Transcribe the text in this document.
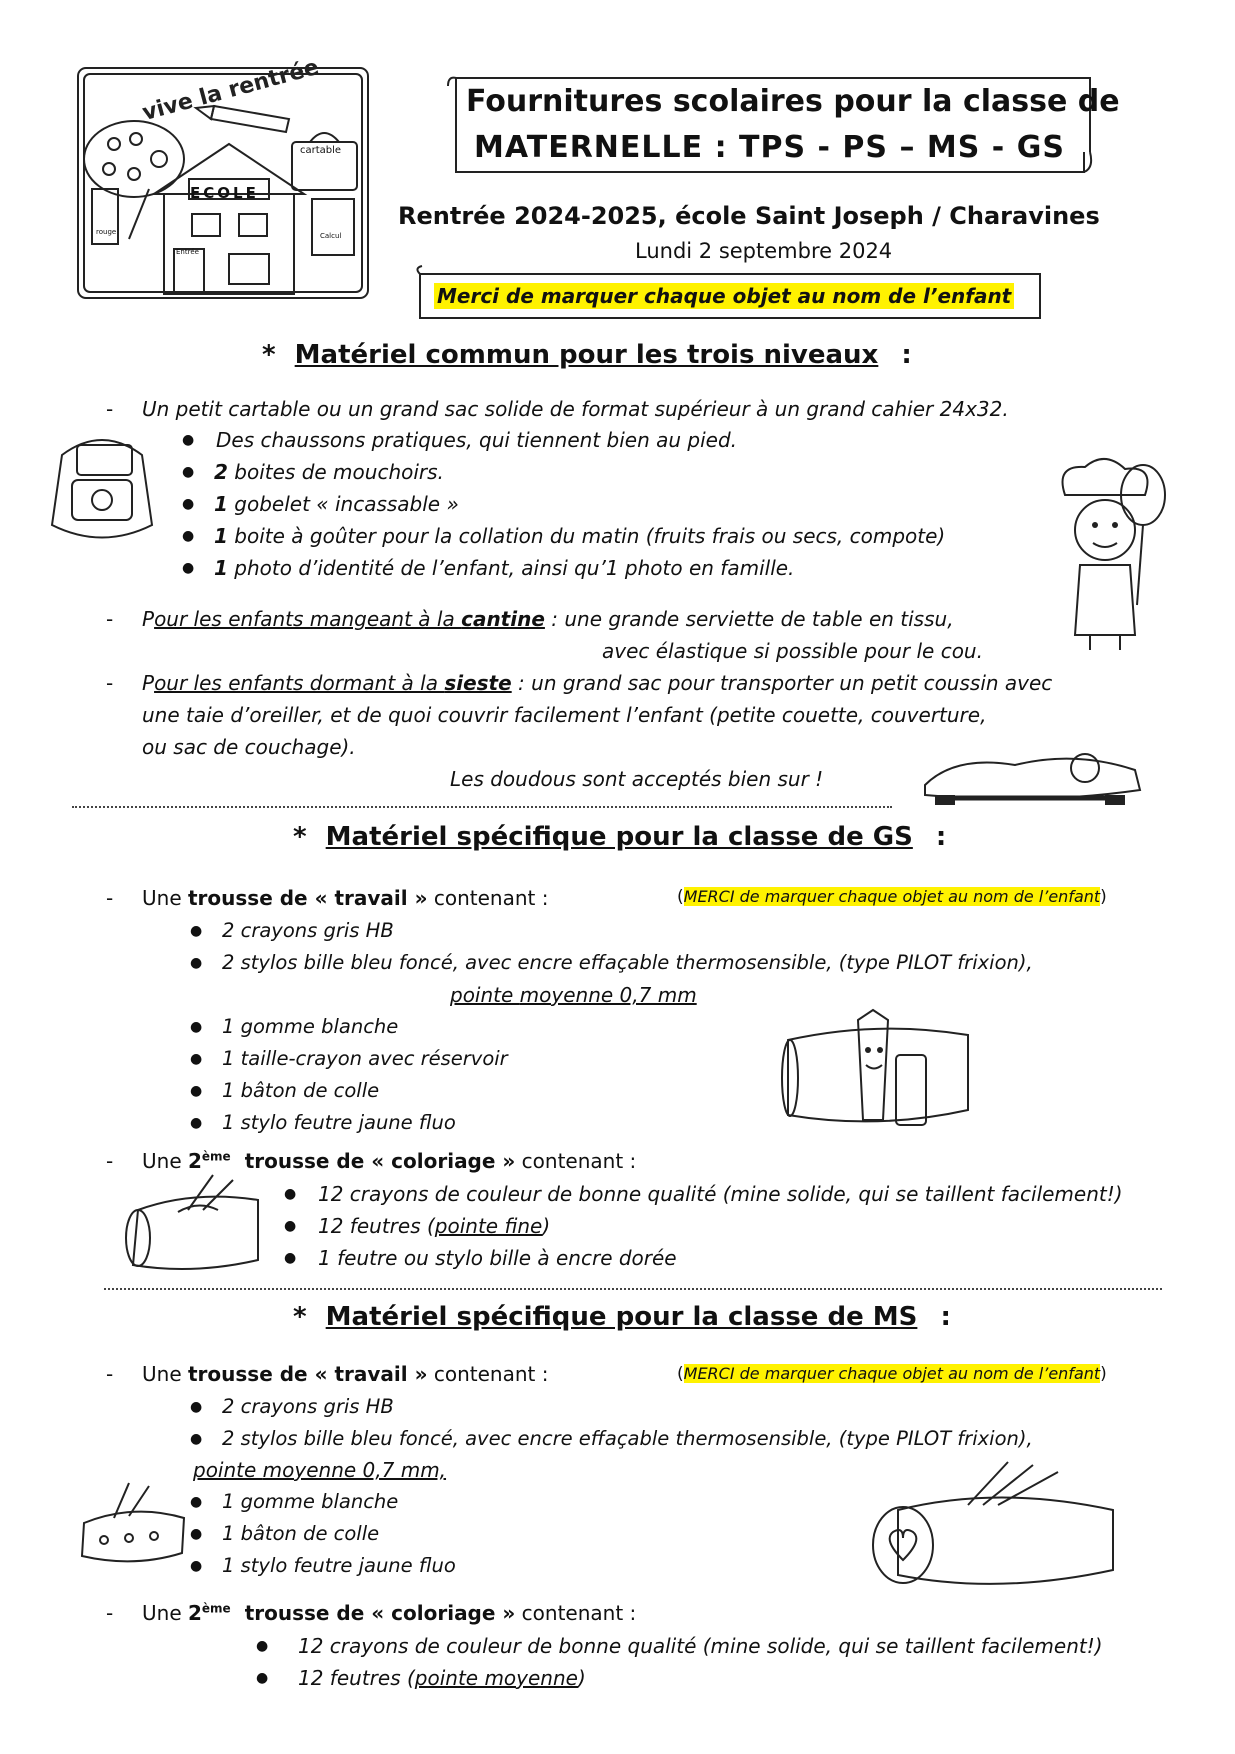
vive la rentrée
ECOLE
cartable
Entrée
Calcul
rouge
Fournitures scolaires pour la classe de
MATERNELLE : TPS - PS – MS - GS
Rentrée 2024-2025, école Saint Joseph / Charavines
Lundi 2 septembre 2024
Merci de marquer chaque objet au nom de l’enfant
* Matériel commun pour les trois niveaux :
- Un petit cartable ou un grand sac solide de format supérieur à un grand cahier 24x32.
● Des chaussons pratiques, qui tiennent bien au pied.
● 2 boites de mouchoirs.
● 1 gobelet « incassable »
● 1 boite à goûter pour la collation du matin (fruits frais ou secs, compote)
● 1 photo d’identité de l’enfant, ainsi qu’1 photo en famille.
- Pour les enfants mangeant à la cantine : une grande serviette de table en tissu,
avec élastique si possible pour le cou.
- Pour les enfants dormant à la sieste : un grand sac pour transporter un petit coussin avec
une taie d’oreiller, et de quoi couvrir facilement l’enfant (petite couette, couverture,
ou sac de couchage).
Les doudous sont acceptés bien sur !
* Matériel spécifique pour la classe de GS :
- Une trousse de « travail » contenant :	(MERCI de marquer chaque objet au nom de l’enfant)
● 2 crayons gris HB
● 2 stylos bille bleu foncé, avec encre effaçable thermosensible, (type PILOT frixion),
● 1 gomme blanche
● 1 taille-crayon avec réservoir
● 1 bâton de colle
● 1 stylo feutre jaune fluo
pointe moyenne 0,7 mm
- Une 2ème trousse de « coloriage » contenant :
● 12 crayons de couleur de bonne qualité (mine solide, qui se taillent facilement!)
● 12 feutres (pointe fine)
● 1 feutre ou stylo bille à encre dorée
* Matériel spécifique pour la classe de MS :
- Une trousse de « travail » contenant :	(MERCI de marquer chaque objet au nom de l’enfant)
● 2 crayons gris HB
● 2 stylos bille bleu foncé, avec encre effaçable thermosensible, (type PILOT frixion),
pointe moyenne 0,7 mm,
● 1 gomme blanche
● 1 bâton de colle
● 1 stylo feutre jaune fluo
- Une 2ème trousse de « coloriage » contenant :
● 12 crayons de couleur de bonne qualité (mine solide, qui se taillent facilement!)
● 12 feutres (pointe moyenne)
